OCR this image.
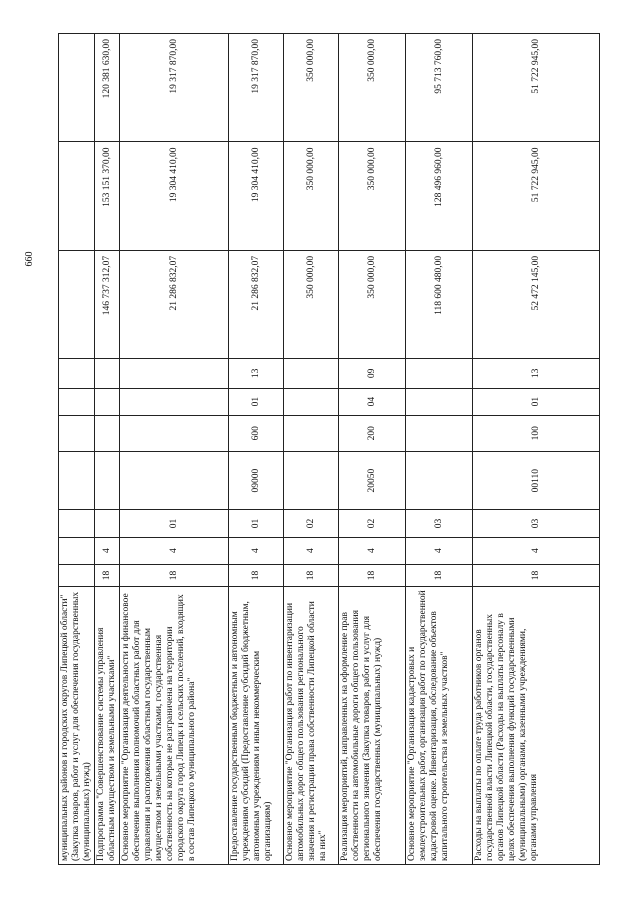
660
муниципальных районов и городских округов Липецкой области" (Закупка товаров, работ и услуг для обеспечения государственных (муниципальных) нужд)										
Подпрограмма "Совершенствование системы управления областным имуществом и земельными участками"	18	4						146 737 312,07	153 151 370,00	120 381 630,00
Основное мероприятие "Организация деятельности и финансовое обеспечение выполнения полномочий областных работ для управления и распоряжения областным государственным имуществом и земельными участками, государственная собственность на которые не разграничена на территории городского округа город Липецк и сельских поселений, входящих в состав Липецкого муниципального района"	18	4	01					21 286 832,07	19 304 410,00	19 317 870,00
Предоставление государственным бюджетным и автономным учреждениям субсидий (Предоставление субсидий бюджетным, автономным учреждениям и иным некоммерческим организациям)	18	4	01	09000	600	01	13	21 286 832,07	19 304 410,00	19 317 870,00
Основное мероприятие "Организация работ по инвентаризации автомобильных дорог общего пользования регионального значения и регистрации права собственности Липецкой области на них"	18	4	02					350 000,00	350 000,00	350 000,00
Реализация мероприятий, направленных на оформление прав собственности на автомобильные дороги общего пользования регионального значения (Закупка товаров, работ и услуг для обеспечения государственных (муниципальных) нужд)	18	4	02	20050	200	04	09	350 000,00	350 000,00	350 000,00
Основное мероприятие "Организация кадастровых и землеустроительных работ, организация работ по государственной кадастровой оценке. Инвентаризация, обследование объектов капитального строительства и земельных участков"	18	4	03					118 600 480,00	128 496 960,00	95 713 760,00
Расходы на выплаты по оплате труда работников органов государственной власти Липецкой области, государственных органов Липецкой области (Расходы на выплаты персоналу в целях обеспечения выполнения функций государственными (муниципальными) органами, казенными учреждениями, органами управления	18	4	03	00110	100	01	13	52 472 145,00	51 722 945,00	51 722 945,00
